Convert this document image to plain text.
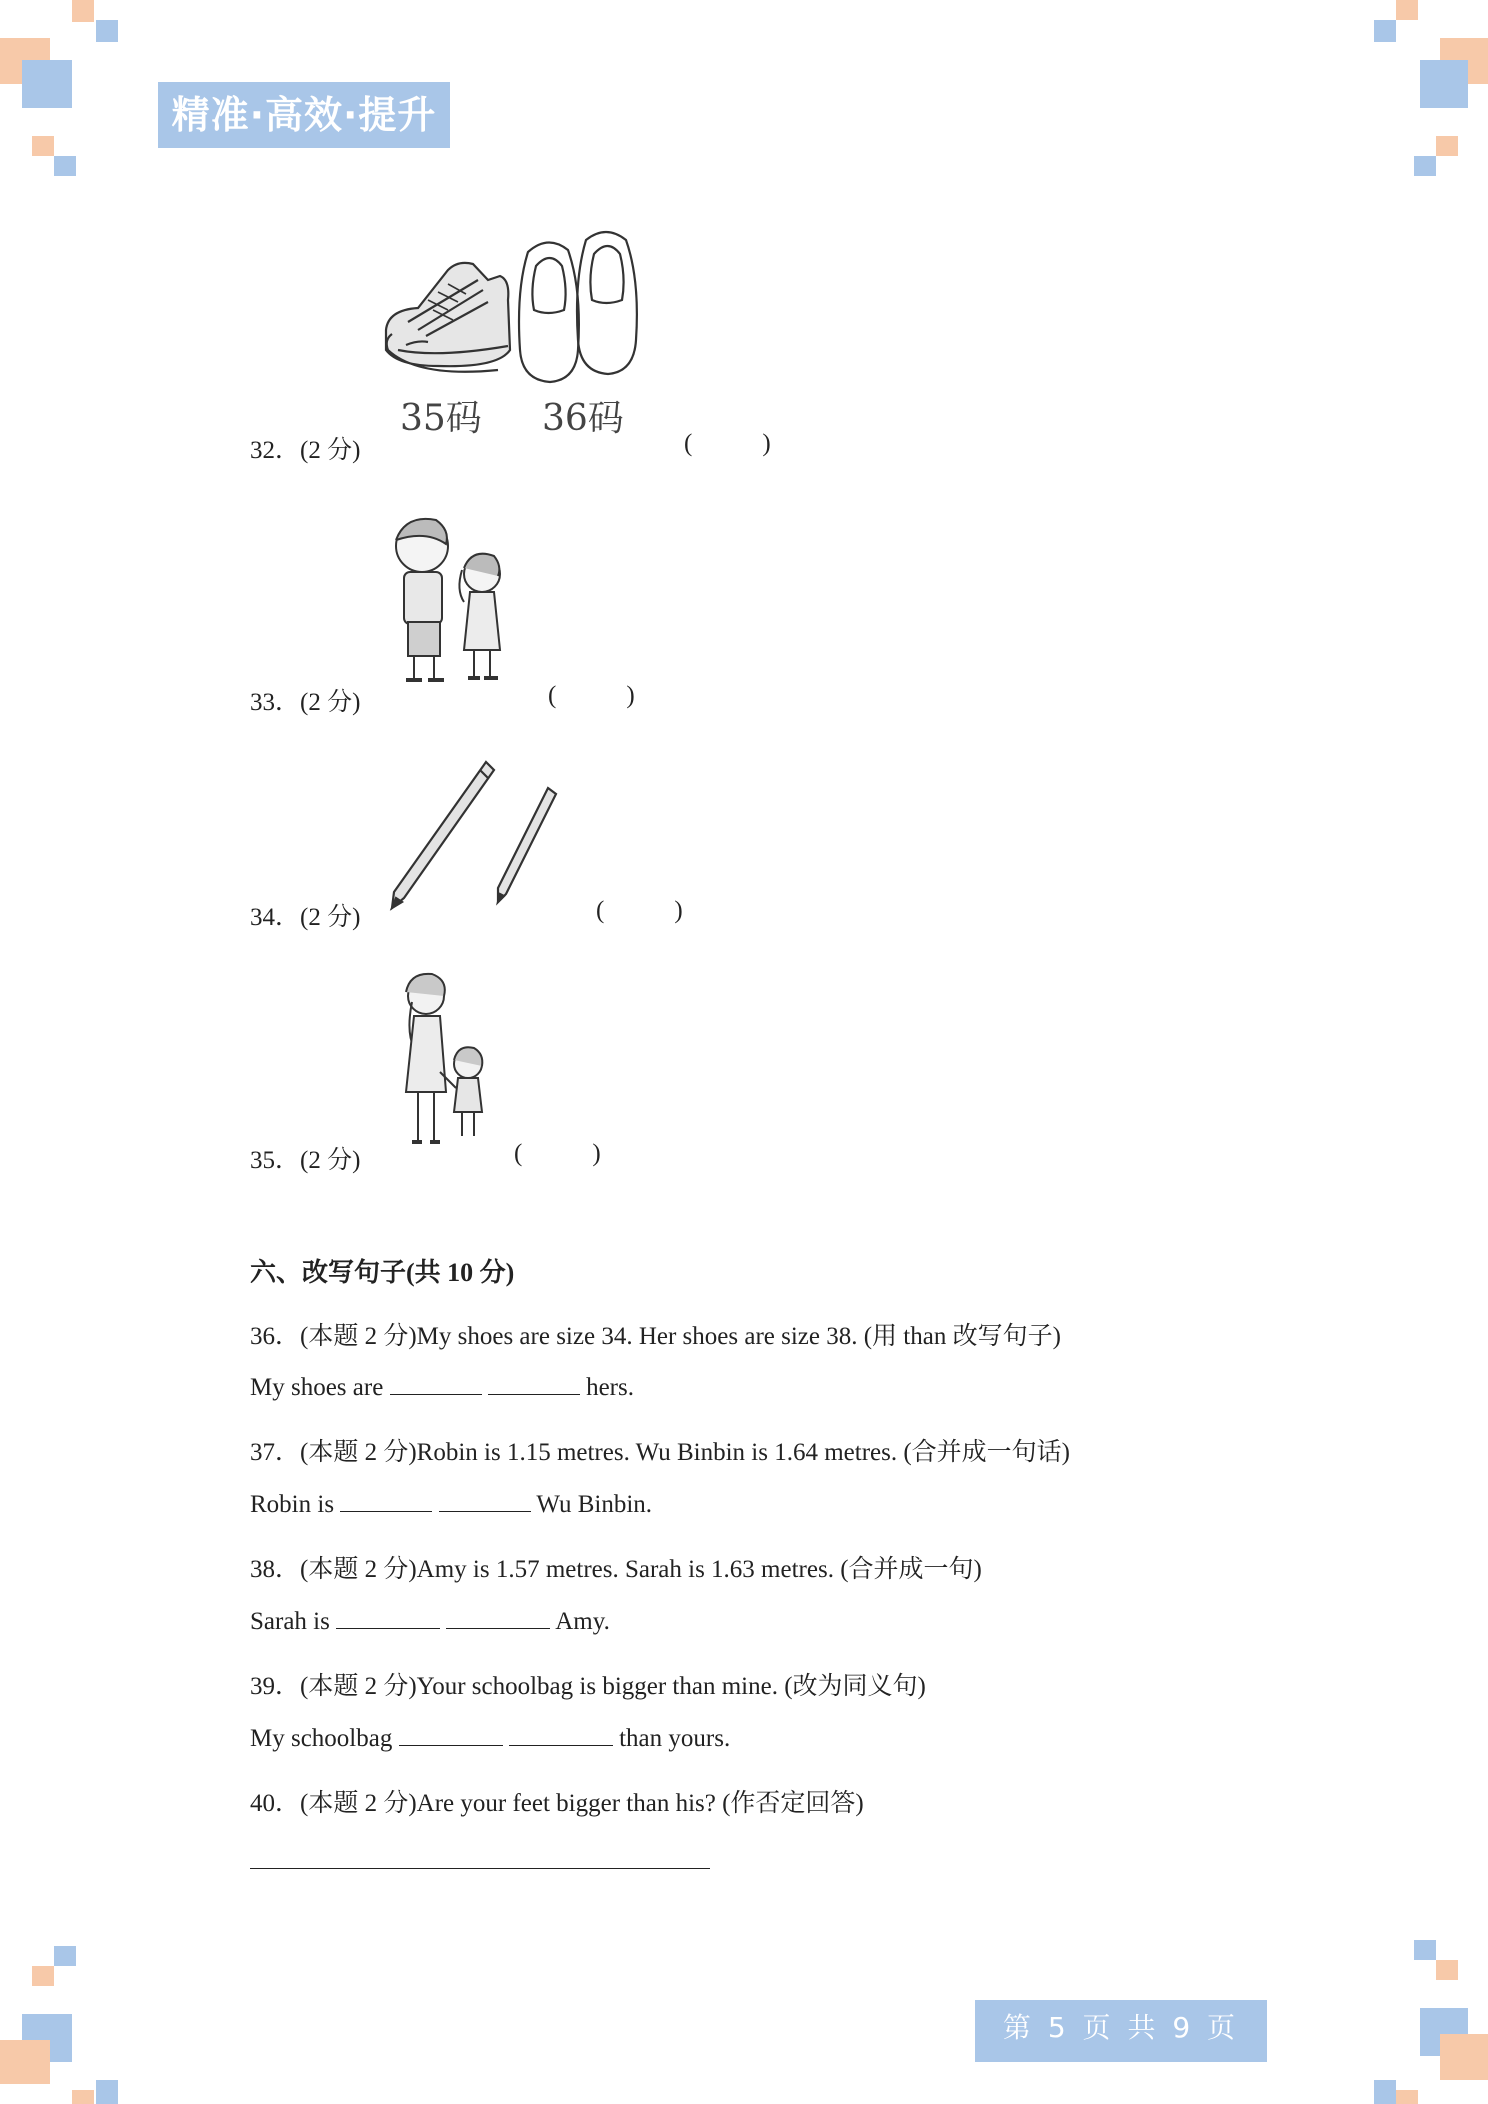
精准·高效·提升
35码 36码
32．(2 分)	(	)
33．(2 分)	(	)
34．(2 分)	(	)
35．(2 分)	(	)
六、改写句子(共 10 分)
36．(本题 2 分)My shoes are size 34. Her shoes are size 38. (用 than 改写句子)
My shoes are	hers.
37．(本题 2 分)Robin is 1.15 metres. Wu Binbin is 1.64 metres. (合并成一句话)
Robin is	Wu Binbin.
38．(本题 2 分)Amy is 1.57 metres. Sarah is 1.63 metres. (合并成一句)
Sarah is	Amy.
39．(本题 2 分)Your schoolbag is bigger than mine. (改为同义句)
My schoolbag	than yours.
40．(本题 2 分)Are your feet bigger than his? (作否定回答)
第 5 页 共 9 页
